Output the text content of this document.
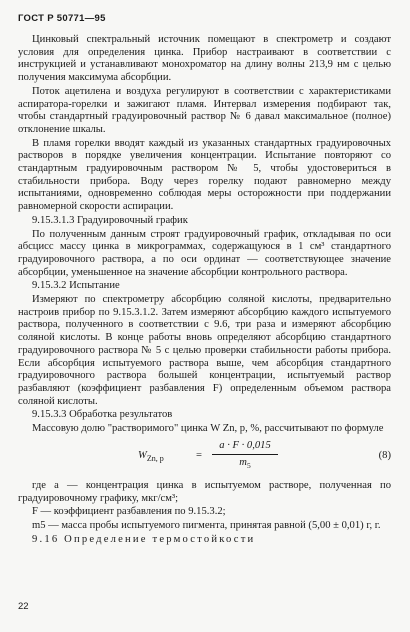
ГОСТ Р 50771—95

Цинковый спектральный источник помещают в спектрометр и создают условия для определения цинка. Прибор настраивают в соответствии с инструкцией и устанавливают монохроматор на длину волны 213,9 нм с целью получения максимума абсорбции.

Поток ацетилена и воздуха регулируют в соответствии с характеристиками аспиратора-горелки и зажигают пламя. Интервал измерения подбирают так, чтобы стандартный градуировочный раствор № 6 давал максимальное (полное) отклонение шкалы.

В пламя горелки вводят каждый из указанных стандартных градуировочных растворов в порядке увеличения концентрации. Испытание повторяют со стандартным градуировочным раствором № 5, чтобы удостовериться в стабильности прибора. Воду через горелку подают равномерно между испытаниями, одновременно соблюдая меры осторожности при поддержании равномерной скорости аспирации.

9.15.3.1.3 Градуировочный график

По полученным данным строят градуировочный график, откладывая по оси абсцисс массу цинка в микрограммах, содержащуюся в 1 см³ стандартного градуировочного раствора, а по оси ординат — соответствующее значение абсорбции, уменьшенное на значение абсорбции контрольного раствора.

9.15.3.2 Испытание

Измеряют по спектрометру абсорбцию соляной кислоты, предварительно настроив прибор по 9.15.3.1.2. Затем измеряют абсорбцию каждого испытуемого раствора, полученного в соответствии с 9.6, три раза и измеряют абсорбцию соляной кислоты. В конце работы вновь определяют абсорбцию стандартного градуировочного раствора № 5 с целью проверки стабильности работы прибора. Если абсорбция испытуемого раствора выше, чем абсорбция стандартного градуировочного раствора большей концентрации, испытуемый раствор разбавляют (коэффициент разбавления F) определенным объемом раствора соляной кислоты.

9.15.3.3 Обработка результатов

Массовую долю "растворимого" цинка W Zn, р, %, рассчитывают по формуле

$W_{Zn, р}$	= $\frac{a \cdot F \cdot 0,015}{m_5}$	(8)

где a — концентрация цинка в испытуемом растворе, полученная по градуировочному графику, мкг/см³;

F — коэффициент разбавления по 9.15.3.2;

m5 — масса пробы испытуемого пигмента, принятая равной (5,00 ± 0,01) г, г.

9.16 Определение термостойкости

22
